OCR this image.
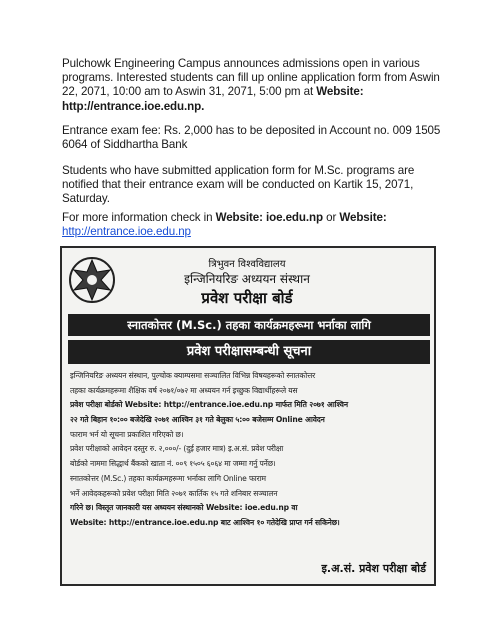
Pulchowk Engineering Campus announces admissions open in various programs. Interested students can fill up online application form from Aswin 22, 2071, 10:00 am to Aswin 31, 2071, 5:00 pm at Website: http://entrance.ioe.edu.np.

Entrance exam fee: Rs. 2,000 has to be deposited in Account no. 009 1505 6064 of Siddhartha Bank

Students who have submitted application form for M.Sc. programs are notified that their entrance exam will be conducted on Kartik 15, 2071, Saturday.

For more information check in Website: ioe.edu.np or Website:
http://entrance.ioe.edu.np

त्रिभुवन विश्वविद्यालय
इन्जिनियरिङ अध्ययन संस्थान
प्रवेश परीक्षा बोर्ड
स्नातकोत्तर (M.Sc.) तहका कार्यक्रमहरूमा भर्नाका लागि
प्रवेश परीक्षासम्बन्धी सूचना
इन्जिनियरिङ अध्ययन संस्थान, पुल्चोक क्याम्पसमा सञ्चालित विभिन्न विषयहरूको स्नातकोत्तर
तहका कार्यक्रमहरूमा शैक्षिक वर्ष २०७१/०७२ मा अध्ययन गर्न इच्छुक विद्यार्थीहरूले यस
प्रवेश परीक्षा बोर्डको Website: http://entrance.ioe.edu.np मार्फत मिति २०७१ आश्विन
२२ गते बिहान १०:०० बजेदेखि २०७१ आश्विन ३१ गते बेलुका ५:०० बजेसम्म Online आवेदन
फाराम भर्न यो सूचना प्रकाशित गरिएको छ।
प्रवेश परीक्षाको आवेदन दस्तुर रु. २,०००/- (दुई हजार मात्र) इ.अ.सं. प्रवेश परीक्षा
बोर्डको नाममा सिद्धार्थ बैंकको खाता नं. ००९ १५०५ ६०६४ मा जम्मा गर्नु पर्नेछ।
स्नातकोत्तर (M.Sc.) तहका कार्यक्रमहरूमा भर्नाका लागि Online फाराम
भर्ने आवेदकहरूको प्रवेश परीक्षा मिति २०७१ कार्तिक १५ गते शनिबार सञ्चालन
गरिने छ। विस्तृत जानकारी यस अध्ययन संस्थानको Website: ioe.edu.np वा
Website: http://entrance.ioe.edu.np बाट आश्विन १० गतेदेखि प्राप्त गर्न सकिनेछ।
इ.अ.सं. प्रवेश परीक्षा बोर्ड
